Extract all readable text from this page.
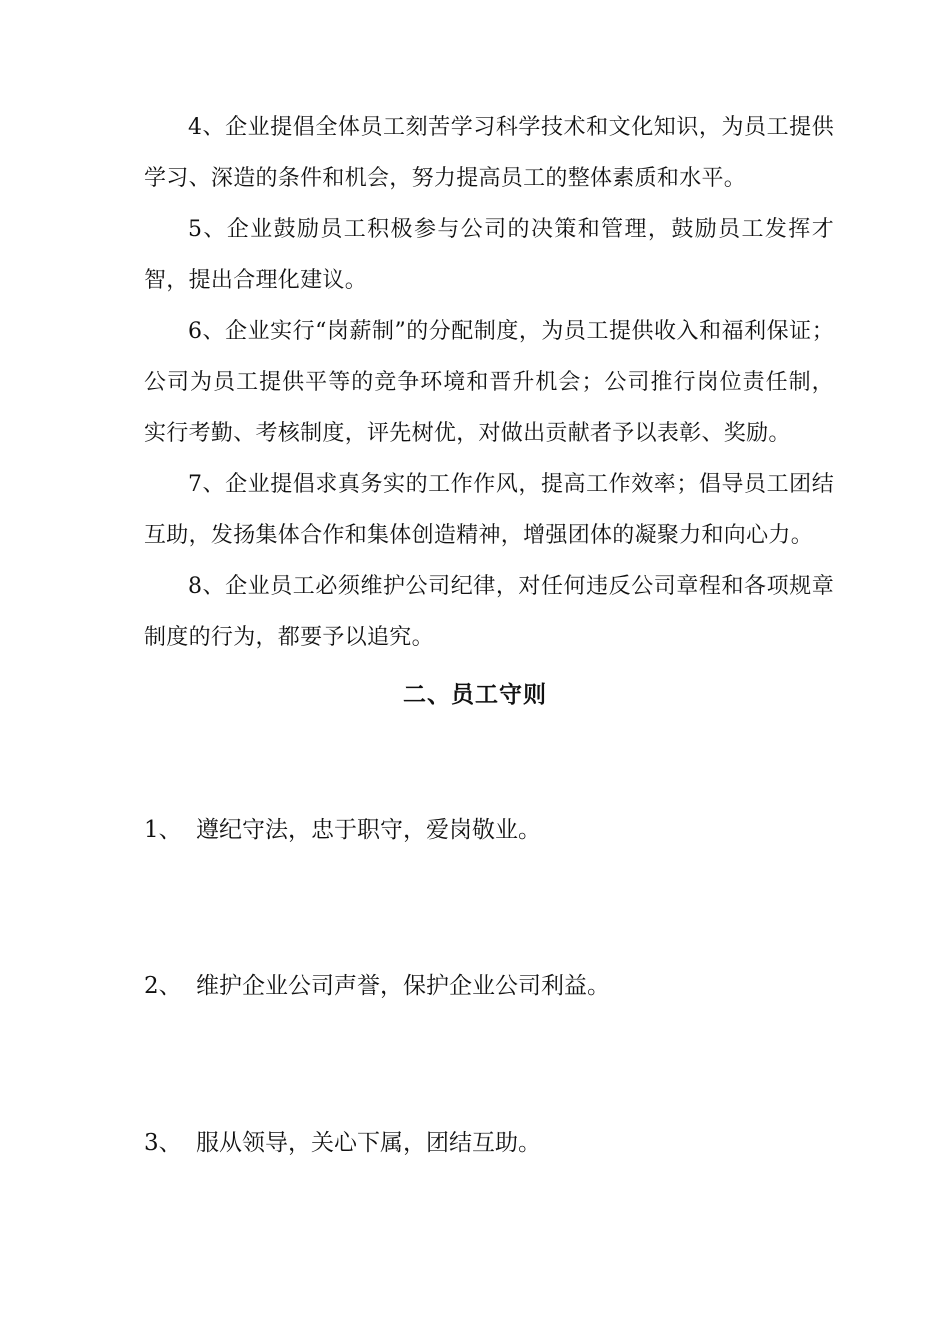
4、企业提倡全体员工刻苦学习科学技术和文化知识，为员工提供学习、深造的条件和机会，努力提高员工的整体素质和水平。

5、企业鼓励员工积极参与公司的决策和管理，鼓励员工发挥才智，提出合理化建议。

6、企业实行“岗薪制”的分配制度，为员工提供收入和福利保证；公司为员工提供平等的竞争环境和晋升机会；公司推行岗位责任制，实行考勤、考核制度，评先树优，对做出贡献者予以表彰、奖励。

7、企业提倡求真务实的工作作风，提高工作效率；倡导员工团结互助，发扬集体合作和集体创造精神，增强团体的凝聚力和向心力。

8、企业员工必须维护公司纪律，对任何违反公司章程和各项规章制度的行为，都要予以追究。

二、员工守则

1、 遵纪守法，忠于职守，爱岗敬业。

2、 维护企业公司声誉，保护企业公司利益。

3、 服从领导，关心下属，团结互助。
